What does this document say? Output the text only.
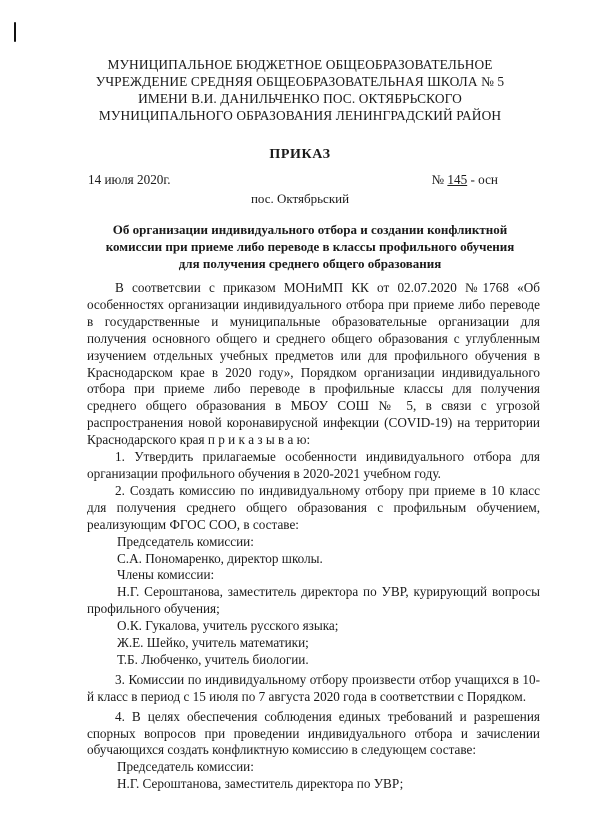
МУНИЦИПАЛЬНОЕ БЮДЖЕТНОЕ ОБЩЕОБРАЗОВАТЕЛЬНОЕ
УЧРЕЖДЕНИЕ СРЕДНЯЯ ОБЩЕОБРАЗОВАТЕЛЬНАЯ ШКОЛА № 5
ИМЕНИ В.И. ДАНИЛЬЧЕНКО ПОС. ОКТЯБРЬСКОГО
МУНИЦИПАЛЬНОГО ОБРАЗОВАНИЯ ЛЕНИНГРАДСКИЙ РАЙОН
ПРИКАЗ
14 июля 2020г.	№ 145 - осн
пос. Октябрьский
Об организации индивидуального отбора и создании конфликтной
комиссии при приеме либо переводе в классы профильного обучения
для получения среднего общего образования

В соответсвии с приказом МОНиМП КК от 02.07.2020 №1768 «Об особенностях организации индивидуального отбора при приеме либо переводе в государственные и муниципальные образовательные организации для получения основного общего и среднего общего образования с углубленным изучением отдельных учебных предметов или для профильного обучения в Краснодарском крае в 2020 году», Порядком организации индивидуального отбора при приеме либо переводе в профильные классы для получения среднего общего образования в МБОУ СОШ № 5, в связи с угрозой распространения новой коронавирусной инфекции (COVID-19) на территории Краснодарского края п р и к а з ы в а ю:

1. Утвердить прилагаемые особенности индивидуального отбора для организации профильного обучения в 2020-2021 учебном году.

2. Создать комиссию по индивидуальному отбору при приеме в 10 класс для получения среднего общего образования с профильным обучением, реализующим ФГОС СОО, в составе:

Председатель комиссии:

С.А. Пономаренко, директор школы.

Члены комиссии:

Н.Г. Сероштанова, заместитель директора по УВР, курирующий вопросы профильного обучения;

О.К. Гукалова, учитель русского языка;

Ж.Е. Шейко, учитель математики;

Т.Б. Любченко, учитель биологии.

3. Комиссии по индивидуальному отбору произвести отбор учащихся в 10-й класс в период с 15 июля по 7 августа 2020 года в соответствии с Порядком.

4. В целях обеспечения соблюдения единых требований и разрешения спорных вопросов при проведении индивидуального отбора и зачислении обучающихся создать конфликтную комиссию в следующем составе:

Председатель комиссии:

Н.Г. Сероштанова, заместитель директора по УВР;
